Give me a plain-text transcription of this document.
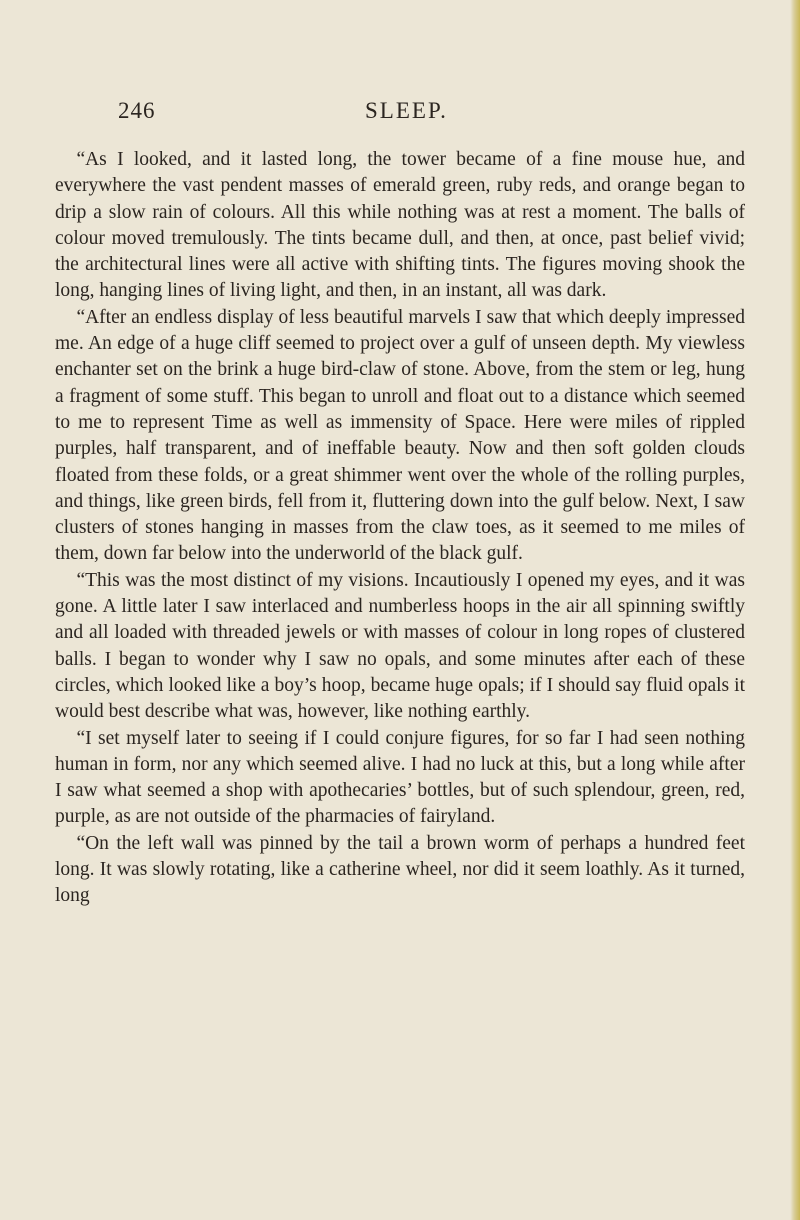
246	SLEEP.

“As I looked, and it lasted long, the tower became of a fine mouse hue, and everywhere the vast pendent masses of emerald green, ruby reds, and orange began to drip a slow rain of colours. All this while nothing was at rest a moment. The balls of colour moved tremulously. The tints became dull, and then, at once, past belief vivid; the architectural lines were all active with shifting tints. The figures moving shook the long, hanging lines of living light, and then, in an instant, all was dark.

“After an endless display of less beautiful marvels I saw that which deeply impressed me. An edge of a huge cliff seemed to project over a gulf of unseen depth. My viewless enchanter set on the brink a huge bird-claw of stone. Above, from the stem or leg, hung a fragment of some stuff. This began to unroll and float out to a distance which seemed to me to represent Time as well as immensity of Space. Here were miles of rippled purples, half transparent, and of ineffable beauty. Now and then soft golden clouds floated from these folds, or a great shimmer went over the whole of the rolling purples, and things, like green birds, fell from it, fluttering down into the gulf below. Next, I saw clusters of stones hanging in masses from the claw toes, as it seemed to me miles of them, down far below into the underworld of the black gulf.

“This was the most distinct of my visions. Incautiously I opened my eyes, and it was gone. A little later I saw interlaced and numberless hoops in the air all spinning swiftly and all loaded with threaded jewels or with masses of colour in long ropes of clustered balls. I began to wonder why I saw no opals, and some minutes after each of these circles, which looked like a boy’s hoop, became huge opals; if I should say fluid opals it would best describe what was, however, like nothing earthly.

“I set myself later to seeing if I could conjure figures, for so far I had seen nothing human in form, nor any which seemed alive. I had no luck at this, but a long while after I saw what seemed a shop with apothecaries’ bottles, but of such splendour, green, red, purple, as are not outside of the pharmacies of fairyland.

“On the left wall was pinned by the tail a brown worm of perhaps a hundred feet long. It was slowly rotating, like a catherine wheel, nor did it seem loathly. As it turned, long
